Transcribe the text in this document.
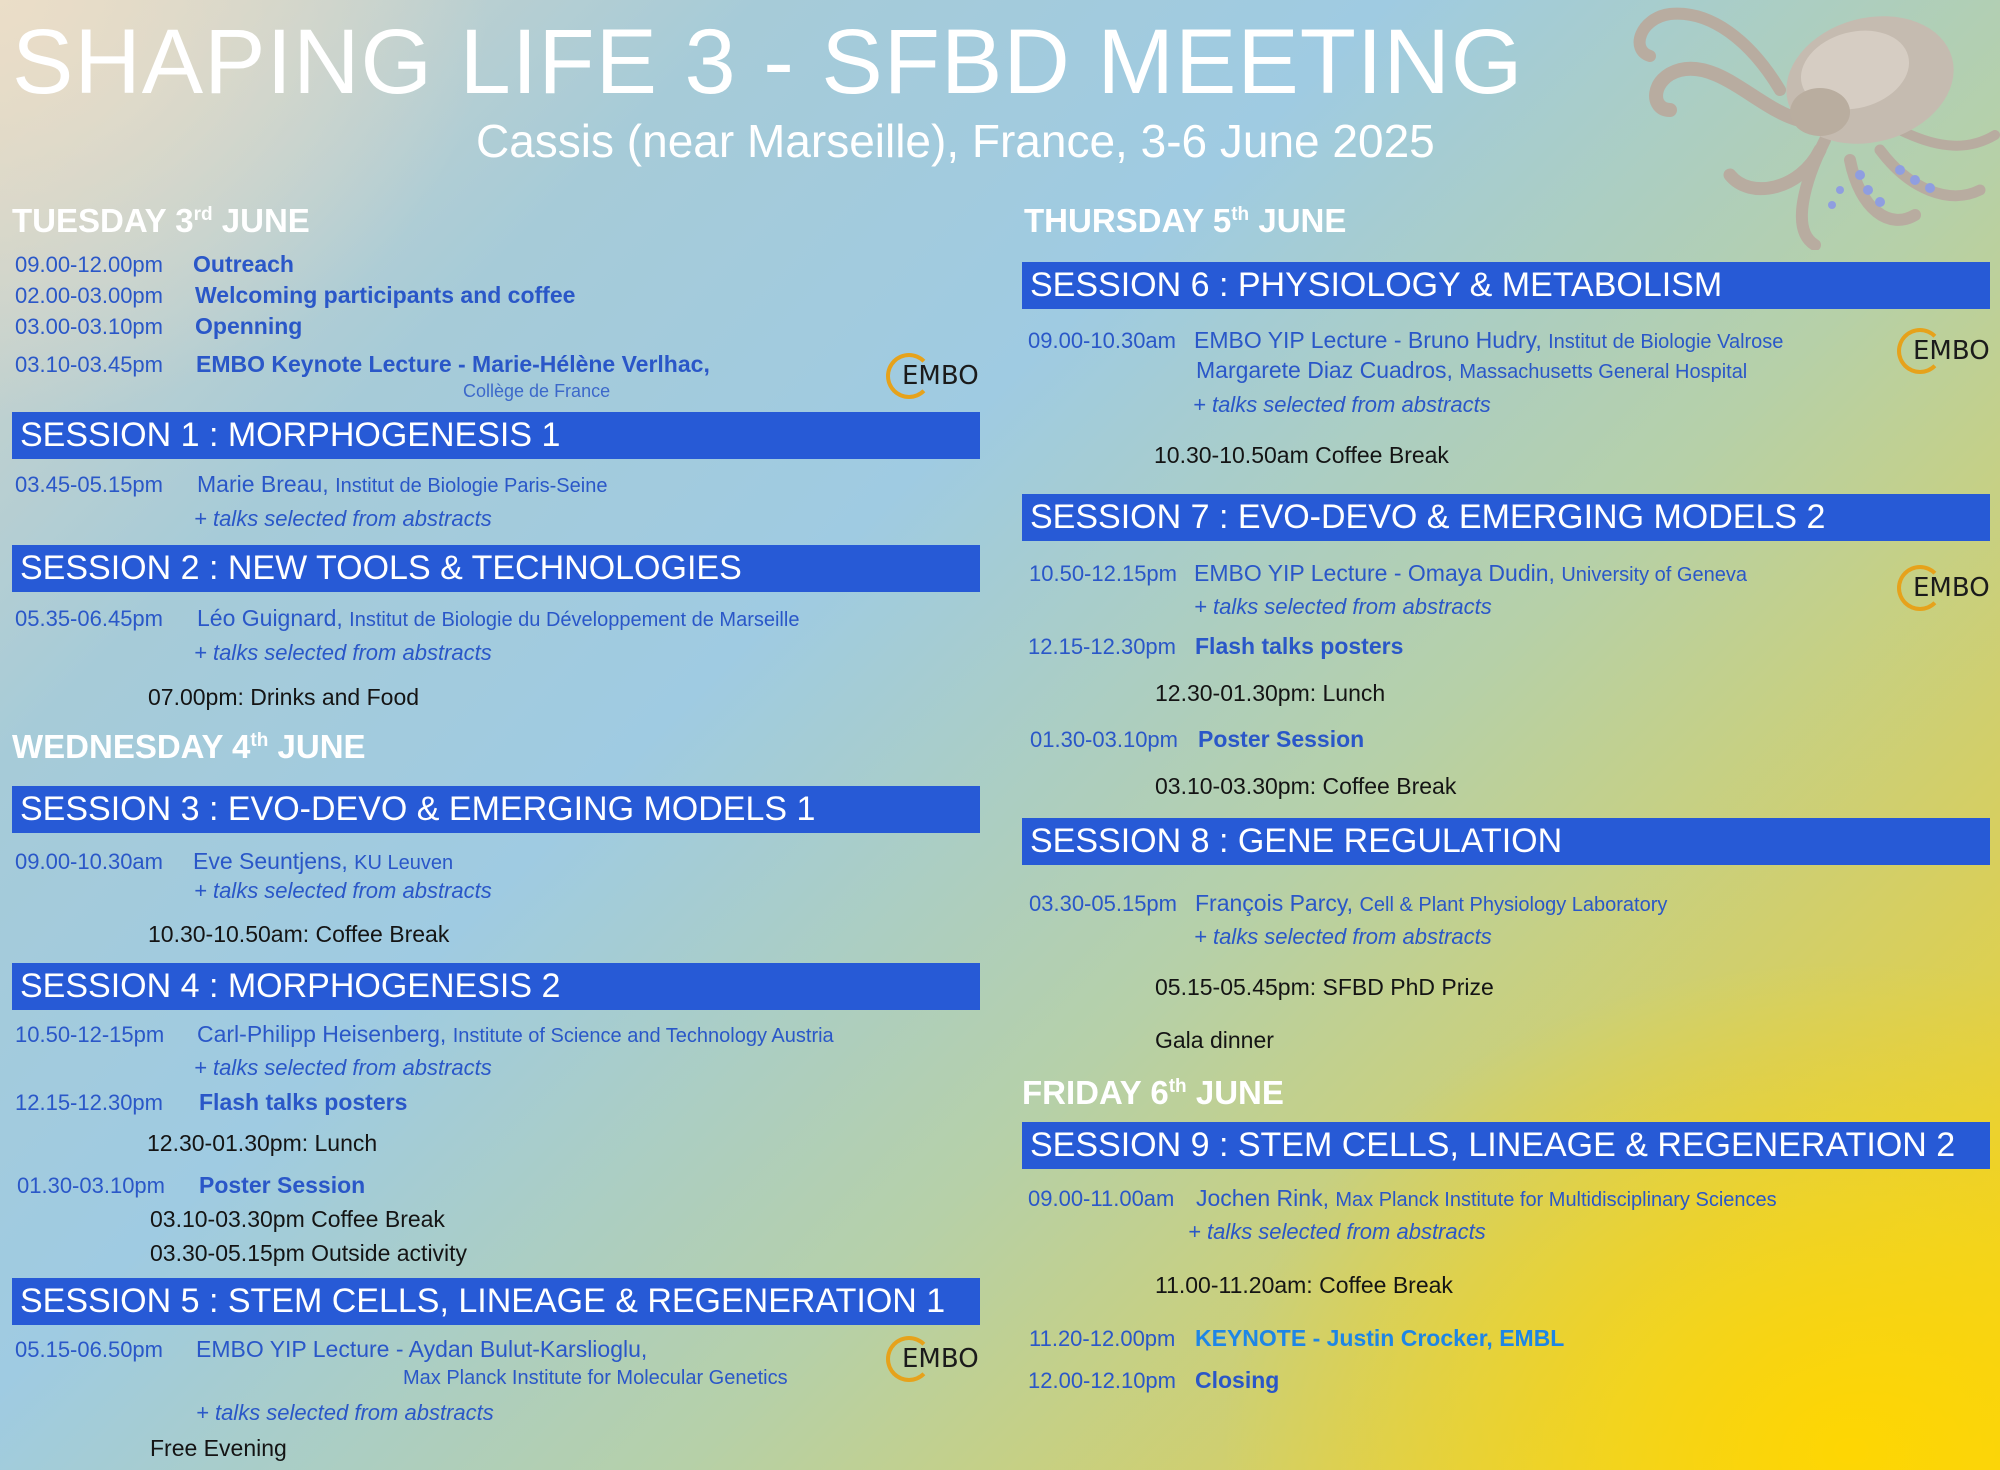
SHAPING LIFE 3 - SFBD MEETING
Cassis (near Marseille), France, 3-6 June 2025
TUESDAY 3rd JUNE
09.00-12.00pm Outreach
02.00-03.00pm Welcoming participants and coffee
03.00-03.10pm Openning
03.10-03.45pm EMBO Keynote Lecture - Marie-Hélène Verlhac,
Collège de France	EMBO
SESSION 1 : MORPHOGENESIS 1
03.45-05.15pm Marie Breau, Institut de Biologie Paris-Seine
+ talks selected from abstracts
SESSION 2 : NEW TOOLS & TECHNOLOGIES
05.35-06.45pm Léo Guignard, Institut de Biologie du Développement de Marseille
+ talks selected from abstracts
07.00pm: Drinks and Food
WEDNESDAY 4th JUNE
SESSION 3 : EVO-DEVO & EMERGING MODELS 1
09.00-10.30am Eve Seuntjens, KU Leuven
+ talks selected from abstracts
10.30-10.50am: Coffee Break
SESSION 4 : MORPHOGENESIS 2
10.50-12-15pm Carl-Philipp Heisenberg, Institute of Science and Technology Austria
+ talks selected from abstracts
12.15-12.30pm Flash talks posters
12.30-01.30pm: Lunch
01.30-03.10pm Poster Session
03.10-03.30pm Coffee Break
03.30-05.15pm Outside activity
SESSION 5 : STEM CELLS, LINEAGE & REGENERATION 1
05.15-06.50pm EMBO YIP Lecture - Aydan Bulut-Karslioglu,
Max Planck Institute for Molecular Genetics
EMBO
+ talks selected from abstracts
Free Evening
THURSDAY 5th JUNE
SESSION 6 : PHYSIOLOGY & METABOLISM
09.00-10.30am EMBO YIP Lecture - Bruno Hudry, Institut de Biologie Valrose
Margarete Diaz Cuadros, Massachusetts General Hospital
EMBO
+ talks selected from abstracts
10.30-10.50am Coffee Break
SESSION 7 : EVO-DEVO & EMERGING MODELS 2
10.50-12.15pm EMBO YIP Lecture - Omaya Dudin, University of Geneva	EMBO
+ talks selected from abstracts
12.15-12.30pm Flash talks posters
12.30-01.30pm: Lunch
01.30-03.10pm Poster Session
03.10-03.30pm: Coffee Break
SESSION 8 : GENE REGULATION
03.30-05.15pm François Parcy, Cell & Plant Physiology Laboratory
+ talks selected from abstracts
05.15-05.45pm: SFBD PhD Prize
Gala dinner
FRIDAY 6th JUNE
SESSION 9 : STEM CELLS, LINEAGE & REGENERATION 2
09.00-11.00am Jochen Rink, Max Planck Institute for Multidisciplinary Sciences
+ talks selected from abstracts
11.00-11.20am: Coffee Break
11.20-12.00pm KEYNOTE - Justin Crocker, EMBL
12.00-12.10pm Closing
